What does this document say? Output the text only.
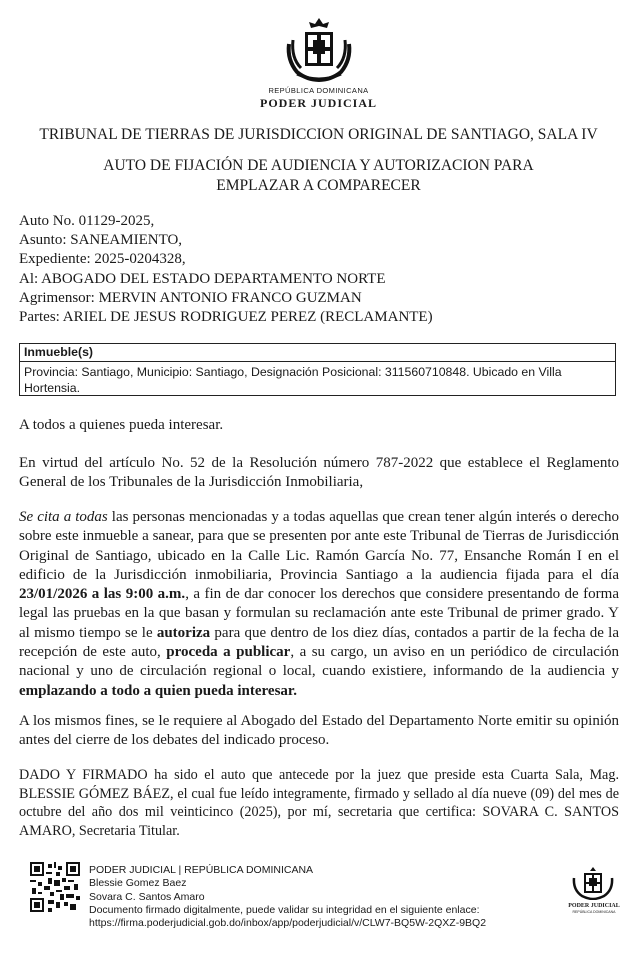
REPÚBLICA DOMINICANA
PODER JUDICIAL
TRIBUNAL DE TIERRAS DE JURISDICCION ORIGINAL DE SANTIAGO, SALA IV
AUTO DE FIJACIÓN DE AUDIENCIA Y AUTORIZACION PARA EMPLAZAR A COMPARECER
Auto No. 01129-2025,
Asunto: SANEAMIENTO,
Expediente: 2025-0204328,
Al: ABOGADO DEL ESTADO DEPARTAMENTO NORTE
Agrimensor: MERVIN ANTONIO FRANCO GUZMAN
Partes: ARIEL DE JESUS RODRIGUEZ PEREZ (RECLAMANTE)
Inmueble(s)
Provincia: Santiago, Municipio: Santiago, Designación Posicional: 311560710848. Ubicado en Villa Hortensia.
A todos a quienes pueda interesar.
En virtud del artículo No. 52 de la Resolución número 787-2022 que establece el Reglamento General de los Tribunales de la Jurisdicción Inmobiliaria,
Se cita a todas las personas mencionadas y a todas aquellas que crean tener algún interés o derecho sobre este inmueble a sanear, para que se presenten por ante este Tribunal de Tierras de Jurisdicción Original de Santiago, ubicado en la Calle Lic. Ramón García No. 77, Ensanche Román I en el edificio de la Jurisdicción inmobiliaria, Provincia Santiago a la audiencia fijada para el día 23/01/2026 a las 9:00 a.m., a fin de dar conocer los derechos que considere presentando de forma legal las pruebas en la que basan y formulan su reclamación ante este Tribunal de primer grado. Y al mismo tiempo se le autoriza para que dentro de los diez días, contados a partir de la fecha de la recepción de este auto, proceda a publicar, a su cargo, un aviso en un periódico de circulación nacional y uno de circulación regional o local, cuando existiere, informando de la audiencia y emplazando a todo a quien pueda interesar.
A los mismos fines, se le requiere al Abogado del Estado del Departamento Norte emitir su opinión antes del cierre de los debates del indicado proceso.
DADO Y FIRMADO ha sido el auto que antecede por la juez que preside esta Cuarta Sala, Mag. BLESSIE GÓMEZ BÁEZ, el cual fue leído integramente, firmado y sellado al día nueve (09) del mes de octubre del año dos mil veinticinco (2025), por mí, secretaria que certifica: SOVARA C. SANTOS AMARO, Secretaria Titular.
PODER JUDICIAL | REPÚBLICA DOMINICANA
Blessie Gomez Baez
Sovara C. Santos Amaro
Documento firmado digitalmente, puede validar su integridad en el siguiente enlace:
https://firma.poderjudicial.gob.do/inbox/app/poderjudicial/v/CLW7-BQ5W-2QXZ-9BQ2
PODER JUDICIAL
REPÚBLICA DOMINICANA
